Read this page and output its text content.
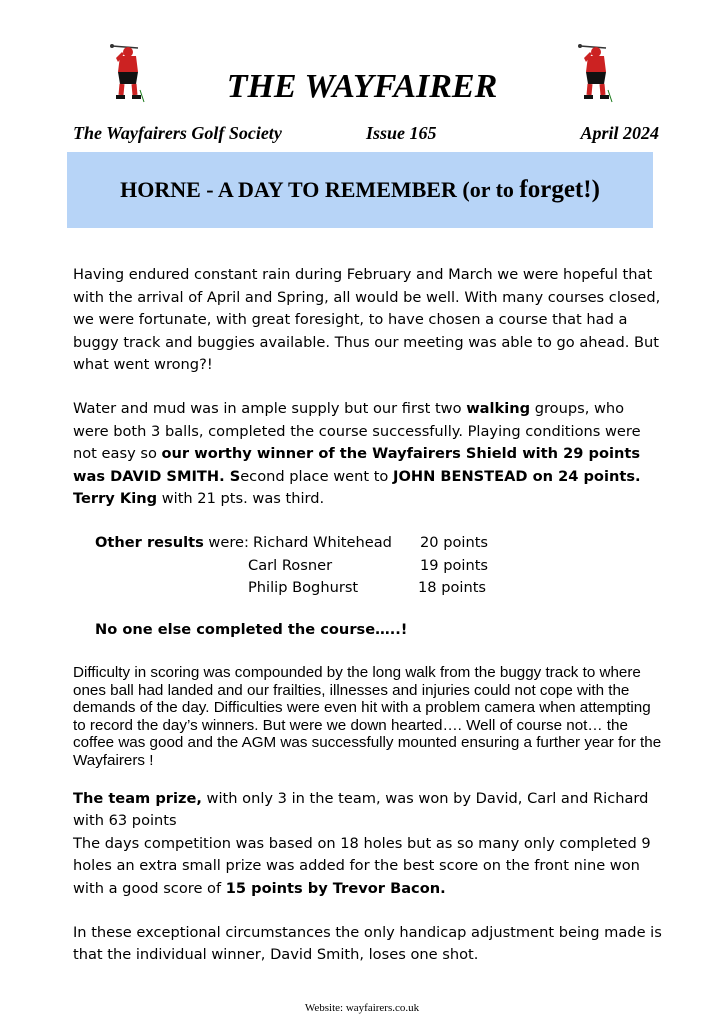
THE WAYFAIRER
The Wayfairers Golf Society	Issue 165	April 2024
HORNE - A DAY TO REMEMBER (or to forget!)
Having endured constant rain during February and March we were hopeful that with the arrival of April and Spring, all would be well. With many courses closed, we were fortunate, with great foresight, to have chosen a course that had a buggy track and buggies available. Thus our meeting was able to go ahead. But what went wrong?!
Water and mud was in ample supply but our first two walking groups, who were both 3 balls, completed the course successfully. Playing conditions were not easy so our worthy winner of the Wayfairers Shield with 29 points was DAVID SMITH. Second place went to JOHN BENSTEAD on 24 points. Terry King with 21 pts. was third.
Other results were: Richard Whitehead 20 points
Carl Rosner	19 points
Philip Boghurst	18 points
No one else completed the course…..!
Difficulty in scoring was compounded by the long walk from the buggy track to where ones ball had landed and our frailties, illnesses and injuries could not cope with the demands of the day. Difficulties were even hit with a problem camera when attempting to record the day’s winners. But were we down hearted…. Well of course not… the coffee was good and the AGM was successfully mounted ensuring a further year for the Wayfairers !
The team prize, with only 3 in the team, was won by David, Carl and Richard with 63 points
The days competition was based on 18 holes but as so many only completed 9 holes an extra small prize was added for the best score on the front nine won with a good score of 15 points by Trevor Bacon.
In these exceptional circumstances the only handicap adjustment being made is that the individual winner, David Smith, loses one shot.
Website: wayfairers.co.uk
